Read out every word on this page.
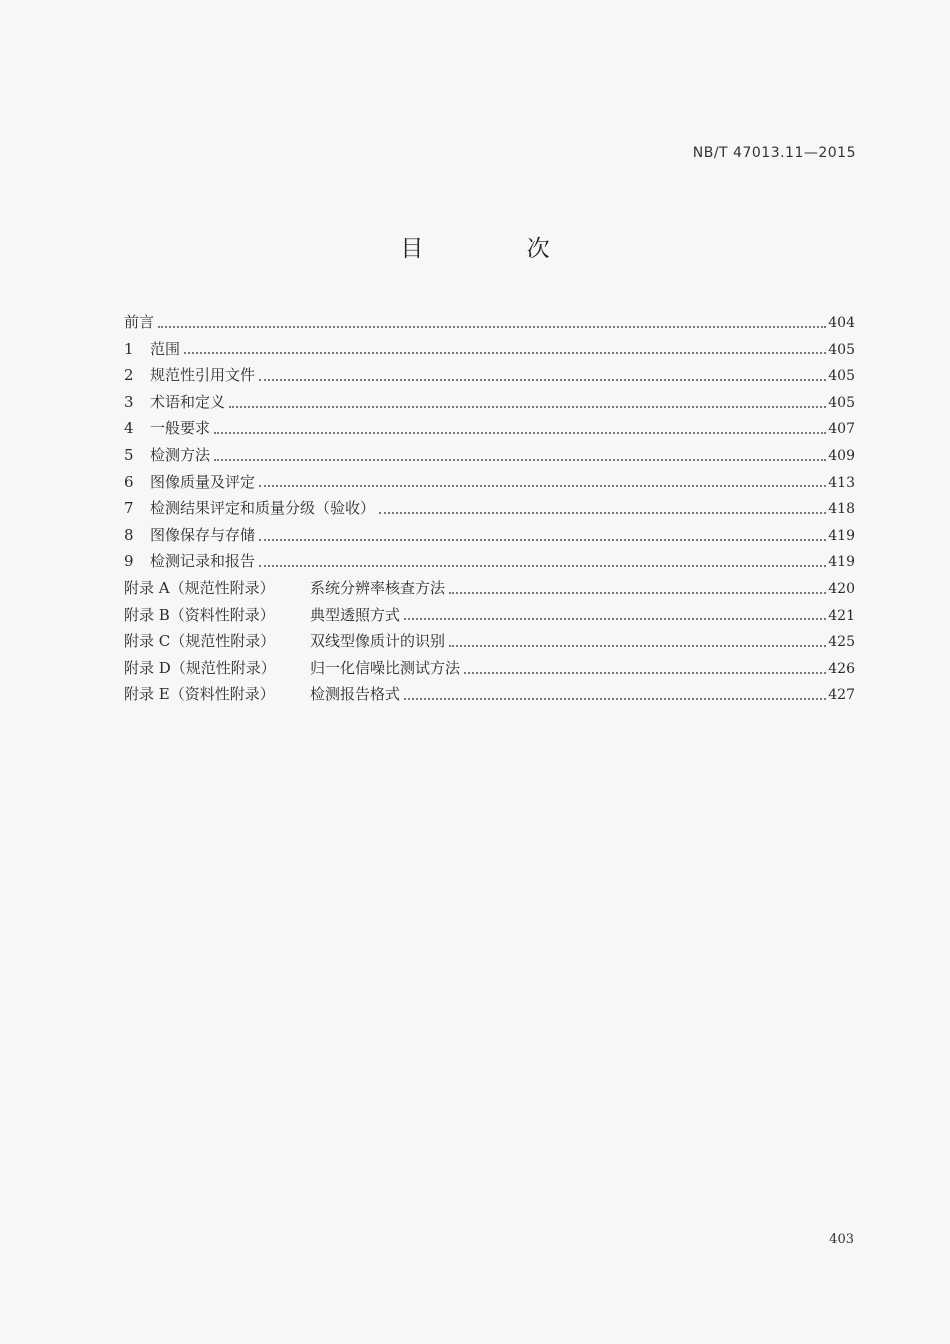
NB/T 47013.11—2015
目 次
前言	404
1	范围	405
2	规范性引用文件	405
3	术语和定义	405
4	一般要求	407
5	检测方法	409
6	图像质量及评定	413
7	检测结果评定和质量分级（验收）	418
8	图像保存与存储	419
9	检测记录和报告	419
附录 A（规范性附录）	系统分辨率核查方法	420
附录 B（资料性附录）	典型透照方式	421
附录 C（规范性附录）	双线型像质计的识别	425
附录 D（规范性附录）	归一化信噪比测试方法	426
附录 E（资料性附录）	检测报告格式	427
403
